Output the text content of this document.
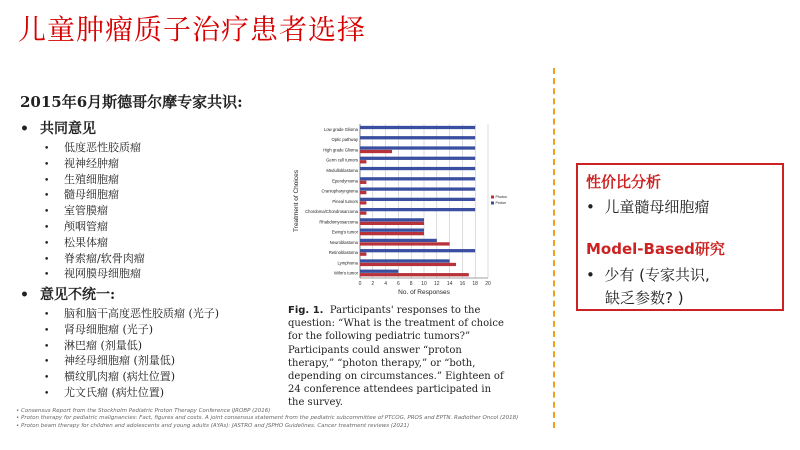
儿童肿瘤质子治疗患者选择
2015年6月斯德哥尔摩专家共识:
• 共同意见
• 低度恶性胶质瘤
• 视神经肿瘤
• 生殖细胞瘤
• 髓母细胞瘤
• 室管膜瘤
• 颅咽管瘤
• 松果体瘤
• 脊索瘤/软骨肉瘤
• 视网膜母细胞瘤
• 意见不统一:
• 脑和脑干高度恶性胶质瘤 (光子)
• 肾母细胞瘤 (光子)
• 淋巴瘤 (剂量低)
• 神经母细胞瘤 (剂量低)
• 横纹肌肉瘤 (病灶位置)
• 尤文氏瘤 (病灶位置)
0 2 4 6 8 10 12 14 16 18 20
Low grade Glioma
Optic pathway
High grade Glioma
Germ cell tumors
Medulloblastoma
Ependymoma
Craniopharyngioma
Pineal tumors
Chordoma/Chondrosarcoma
Rhabdomyosarcoma
Ewing's tumor
Neuroblastoma
Retinoblastoma
Lymphoma
Wilm's tumor
No. of Responses
Treatment of Choices	Photon
Proton
Fig. 1. Participants' responses to the question: “What is the treatment of choice for the following pediatric tumors?” Participants could answer “proton therapy,” “photon therapy,” or “both, depending on circumstances.” Eighteen of 24 conference attendees participated in the survey.
• Consensus Report from the Stockholm Pediatric Proton Therapy Conference IJROBP (2016)
• Proton therapy for pediatric malignancies: Fact, figures and costs. A joint consensus statement from the pediatric subcommittee of PTCOG, PROS and EPTN. Radiother Oncol (2018)
• Proton beam therapy for children and adolescents and young adults (AYAs): JASTRO and JSPHO Guidelines. Cancer treatment reviews (2021)
性价比分析
•  儿童髓母细胞瘤
Model-Based研究
•  少有 (专家共识,
缺乏参数? )
